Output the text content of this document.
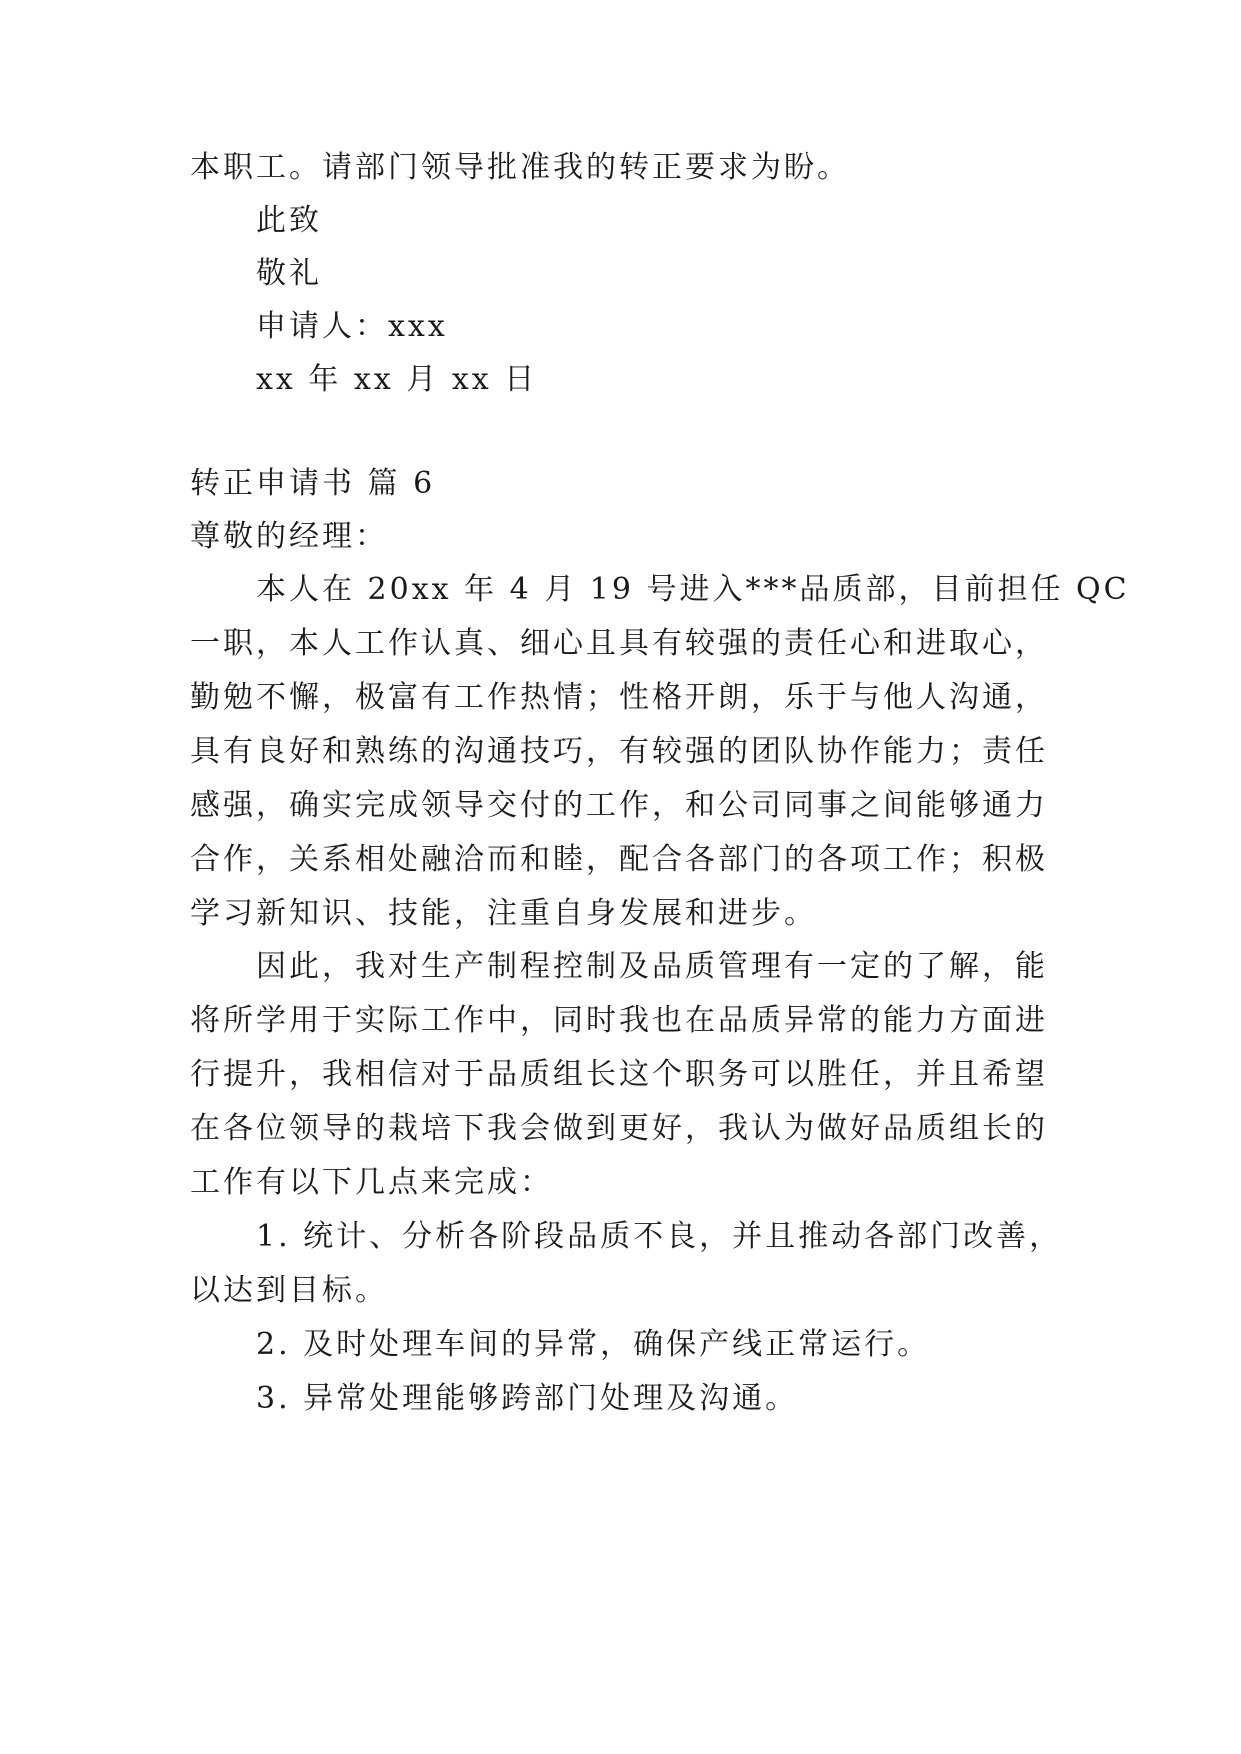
本职工。请部门领导批准我的转正要求为盼。
此致
敬礼
申请人：xxx
xx 年 xx 月 xx 日
转正申请书 篇 6
尊敬的经理：
本人在 20xx 年 4 月 19 号进入***品质部，目前担任 QC
一职，本人工作认真、细心且具有较强的责任心和进取心，
勤勉不懈，极富有工作热情；性格开朗，乐于与他人沟通，
具有良好和熟练的沟通技巧，有较强的团队协作能力；责任
感强，确实完成领导交付的工作，和公司同事之间能够通力
合作，关系相处融洽而和睦，配合各部门的各项工作；积极
学习新知识、技能，注重自身发展和进步。
因此，我对生产制程控制及品质管理有一定的了解，能
将所学用于实际工作中，同时我也在品质异常的能力方面进
行提升，我相信对于品质组长这个职务可以胜任，并且希望
在各位领导的栽培下我会做到更好，我认为做好品质组长的
工作有以下几点来完成：
1. 统计、分析各阶段品质不良，并且推动各部门改善，
以达到目标。
2. 及时处理车间的异常，确保产线正常运行。
3. 异常处理能够跨部门处理及沟通。
